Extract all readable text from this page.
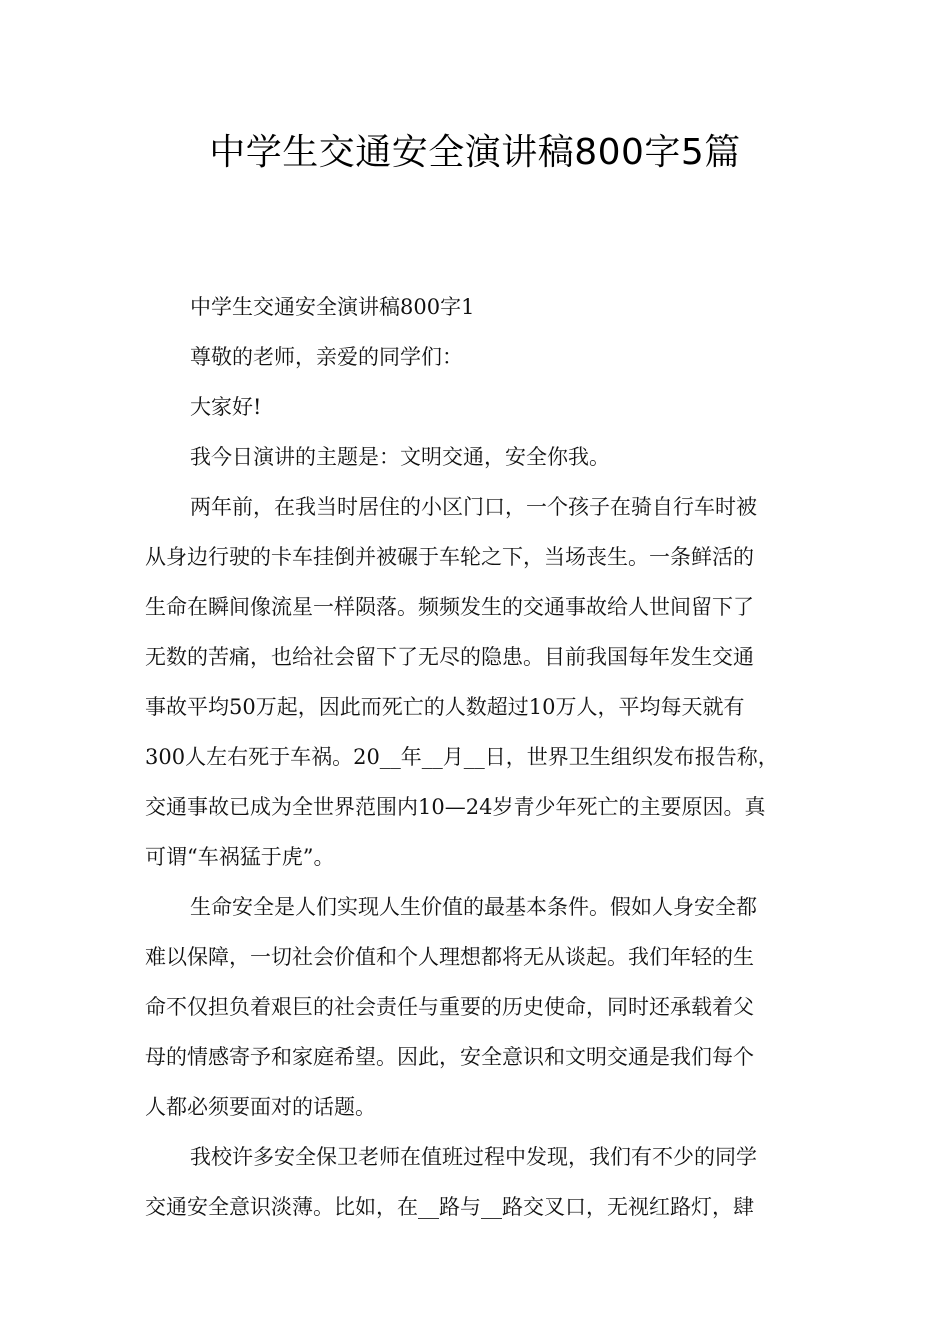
中学生交通安全演讲稿800字5篇
中学生交通安全演讲稿800字1
尊敬的老师，亲爱的同学们：
大家好!
我今日演讲的主题是：文明交通，安全你我。
两年前，在我当时居住的小区门口，一个孩子在骑自行车时被
从身边行驶的卡车挂倒并被碾于车轮之下，当场丧生。一条鲜活的
生命在瞬间像流星一样陨落。频频发生的交通事故给人世间留下了
无数的苦痛，也给社会留下了无尽的隐患。目前我国每年发生交通
事故平均50万起，因此而死亡的人数超过10万人，平均每天就有
300人左右死于车祸。20__年__月__日，世界卫生组织发布报告称，
交通事故已成为全世界范围内10—24岁青少年死亡的主要原因。真
可谓“车祸猛于虎”。
生命安全是人们实现人生价值的最基本条件。假如人身安全都
难以保障，一切社会价值和个人理想都将无从谈起。我们年轻的生
命不仅担负着艰巨的社会责任与重要的历史使命，同时还承载着父
母的情感寄予和家庭希望。因此，安全意识和文明交通是我们每个
人都必须要面对的话题。
我校许多安全保卫老师在值班过程中发现，我们有不少的同学
交通安全意识淡薄。比如，在__路与__路交叉口，无视红路灯，肆
